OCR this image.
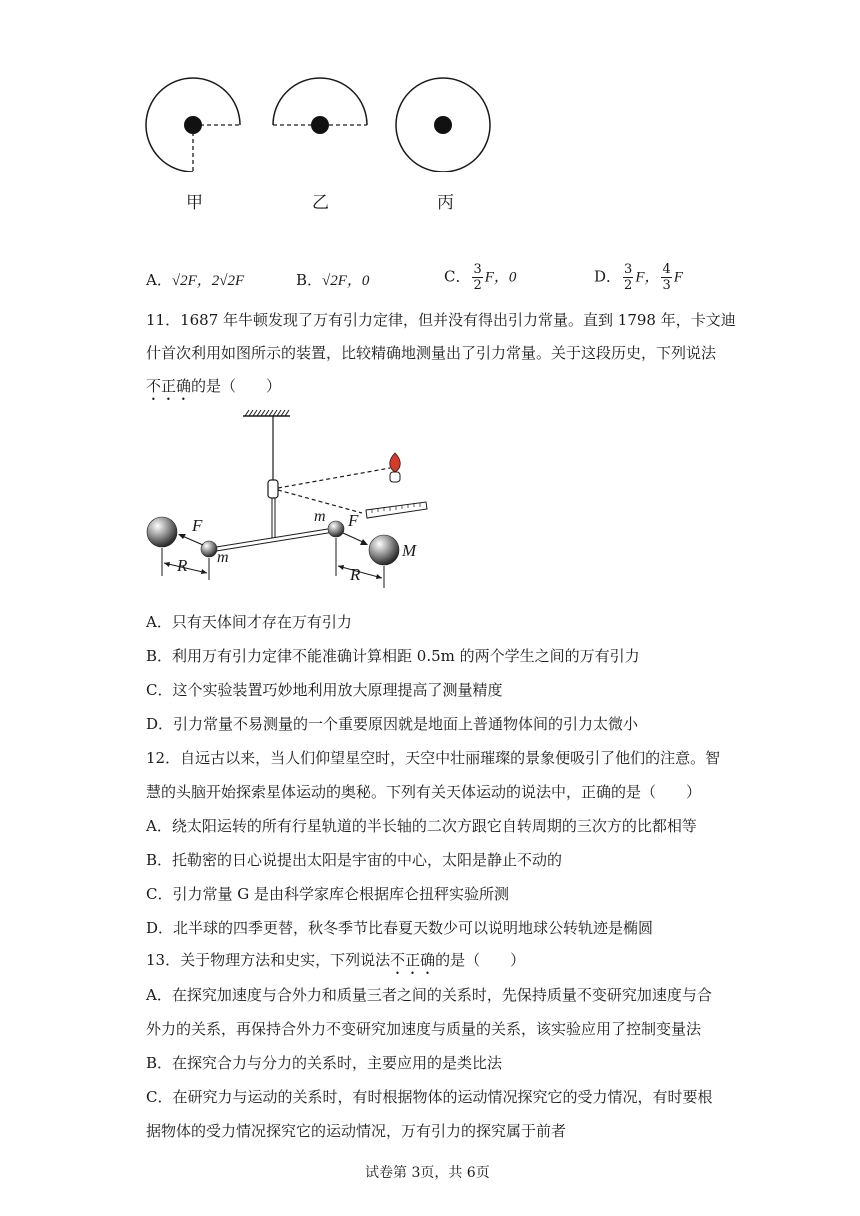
甲	乙	丙
A．√2F，2√2F	B．√2F，0	C． $\frac{3}{2}$ F，0	D． $\frac{3}{2}$ F， $\frac{4}{3}$ F
11．1687 年牛顿发现了万有引力定律，但并没有得出引力常量。直到 1798 年，卡文迪
什首次利用如图所示的装置，比较精确地测量出了引力常量。关于这段历史，下列说法
不正确的是（　　）
F
m
R
m F
M
R
A．只有天体间才存在万有引力
B．利用万有引力定律不能准确计算相距 0.5m 的两个学生之间的万有引力
C．这个实验装置巧妙地利用放大原理提高了测量精度
D．引力常量不易测量的一个重要原因就是地面上普通物体间的引力太微小
12．自远古以来，当人们仰望星空时，天空中壮丽璀璨的景象便吸引了他们的注意。智
慧的头脑开始探索星体运动的奥秘。下列有关天体运动的说法中，正确的是（　　）
A．绕太阳运转的所有行星轨道的半长轴的二次方跟它自转周期的三次方的比都相等
B．托勒密的日心说提出太阳是宇宙的中心，太阳是静止不动的
C．引力常量 G 是由科学家库仑根据库仑扭秤实验所测
D．北半球的四季更替，秋冬季节比春夏天数少可以说明地球公转轨迹是椭圆
13．关于物理方法和史实，下列说法不正确的是（　　）
A．在探究加速度与合外力和质量三者之间的关系时，先保持质量不变研究加速度与合
外力的关系，再保持合外力不变研究加速度与质量的关系，该实验应用了控制变量法
B．在探究合力与分力的关系时，主要应用的是类比法
C．在研究力与运动的关系时，有时根据物体的运动情况探究它的受力情况，有时要根
据物体的受力情况探究它的运动情况，万有引力的探究属于前者
试卷第 3页，共 6页
